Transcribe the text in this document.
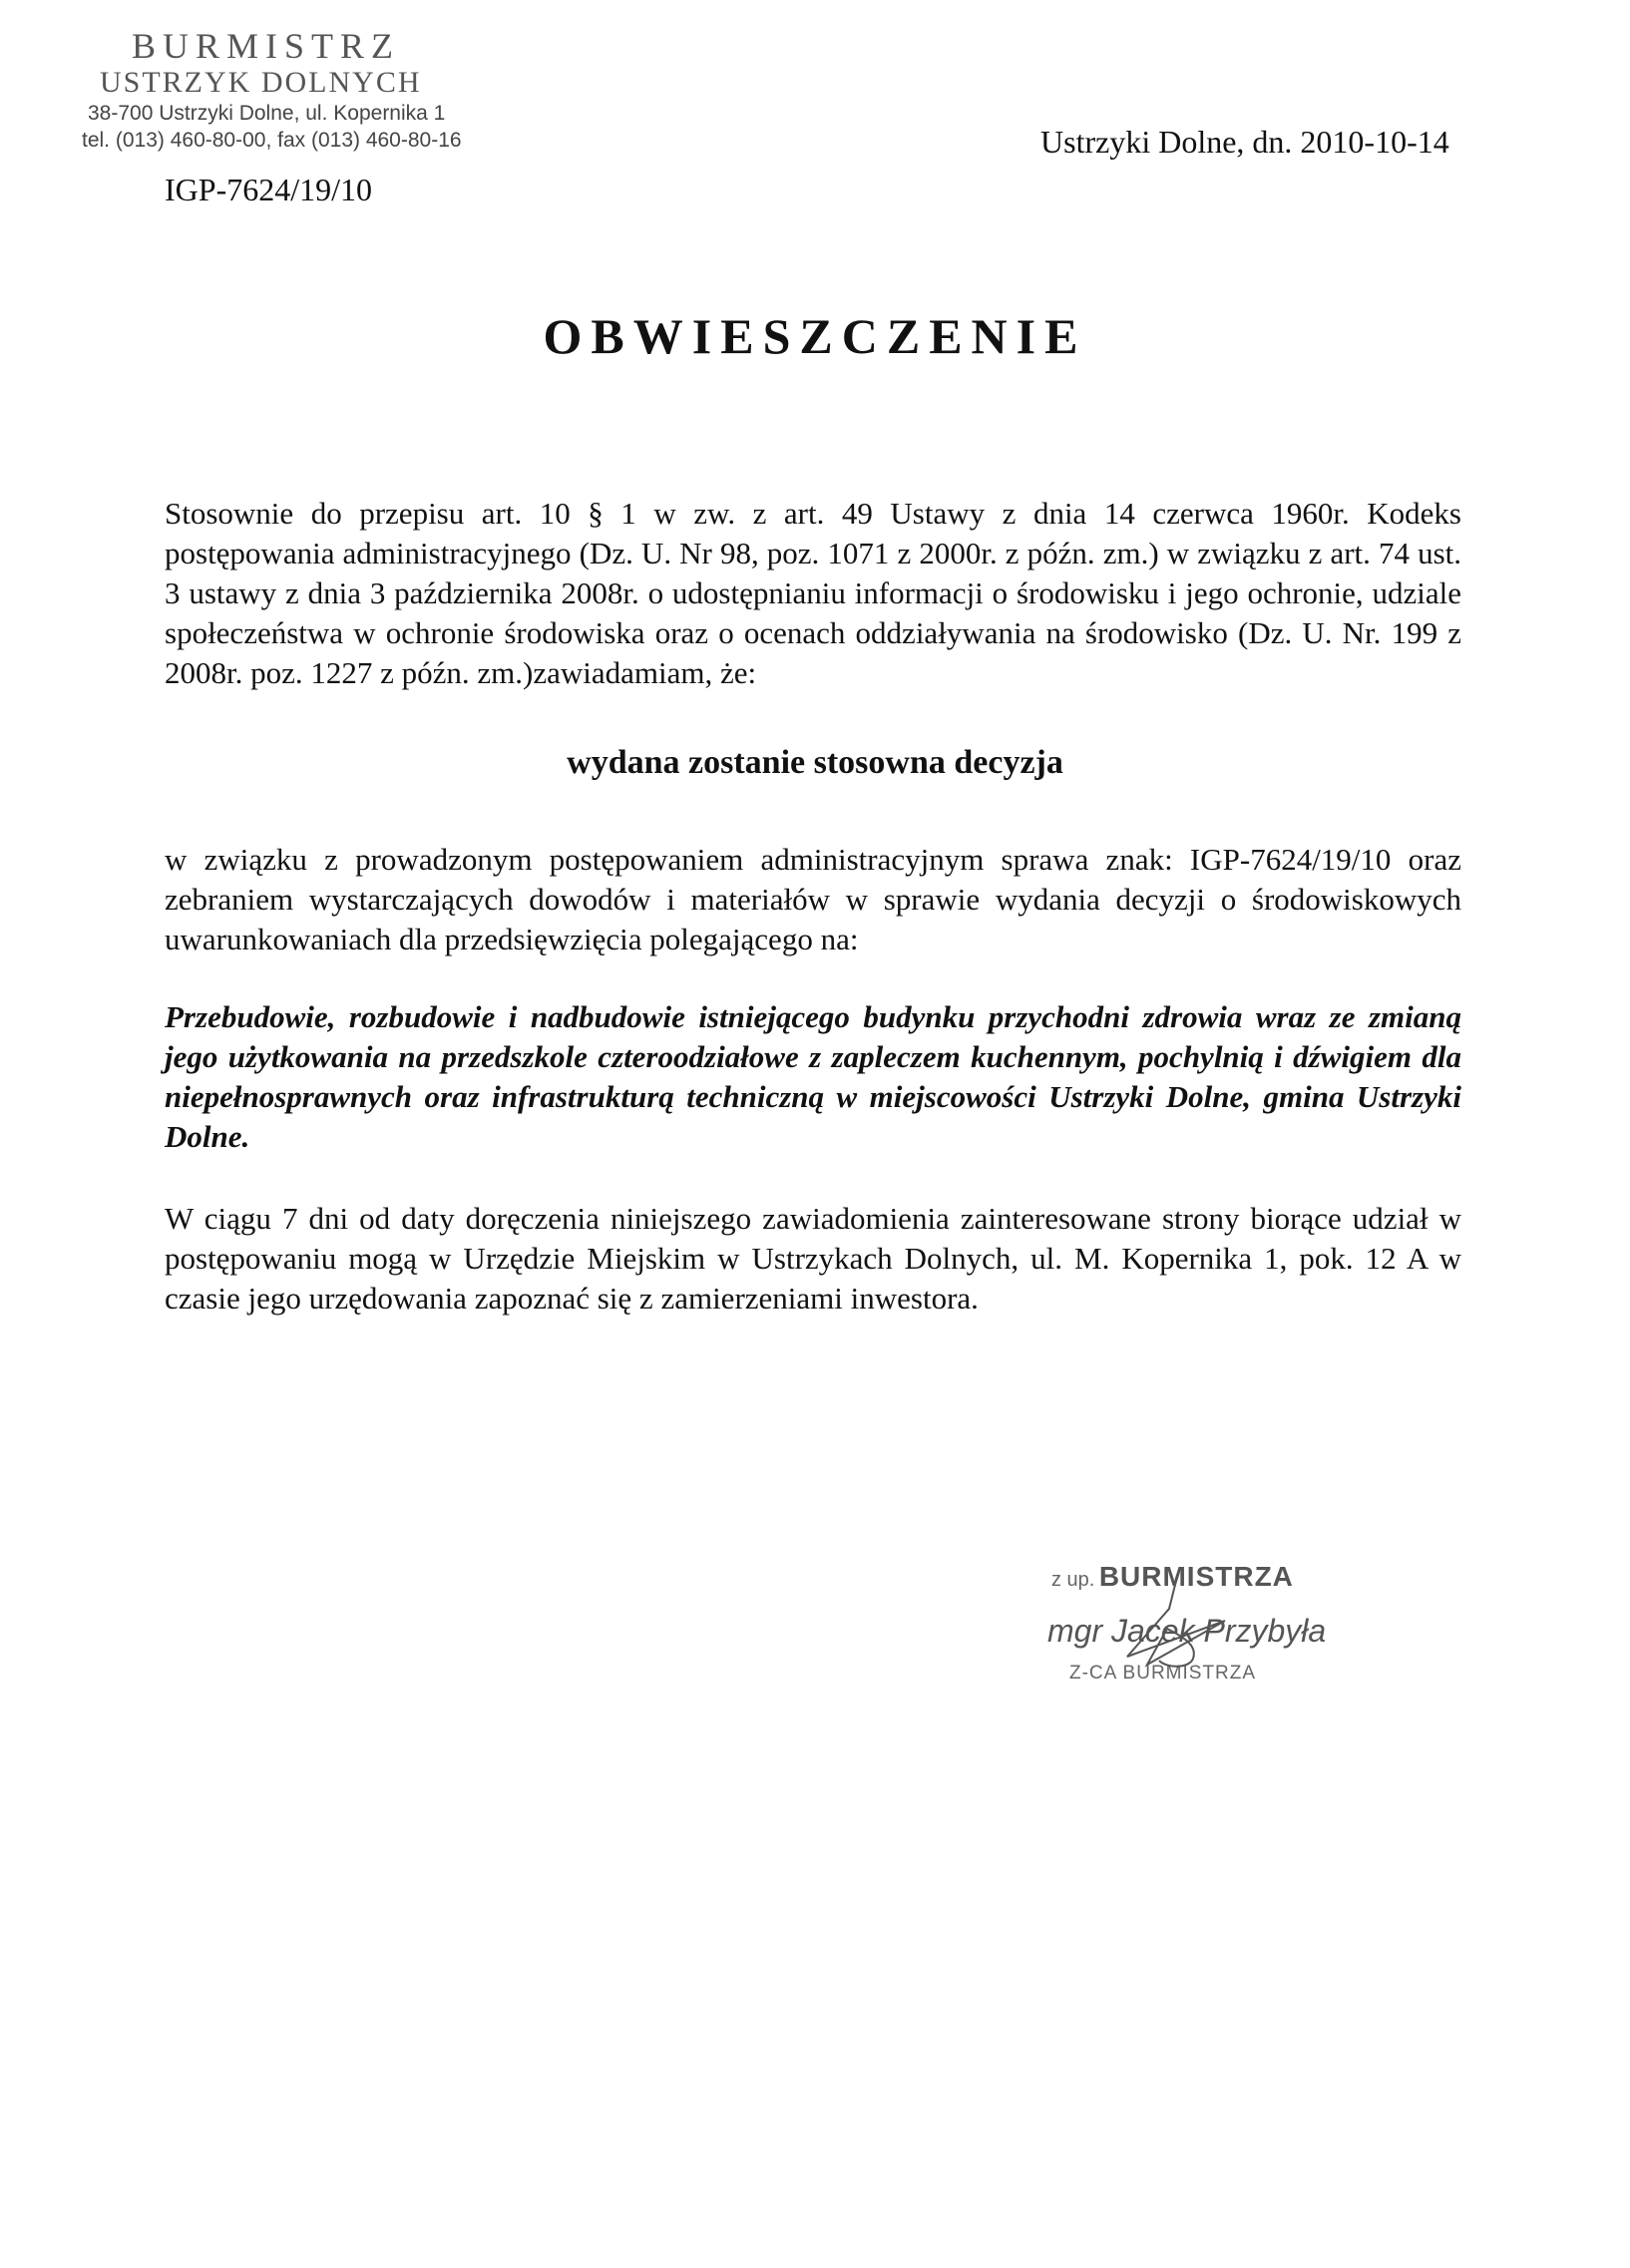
BURMISTRZ
USTRZYK DOLNYCH
38-700 Ustrzyki Dolne, ul. Kopernika 1
tel. (013) 460-80-00, fax (013) 460-80-16	Ustrzyki Dolne, dn. 2010-10-14
IGP-7624/19/10
OBWIESZCZENIE
Stosownie do przepisu art. 10 § 1 w zw. z art. 49 Ustawy z dnia 14 czerwca 1960r. Kodeks postępowania administracyjnego (Dz. U. Nr 98, poz. 1071 z 2000r. z późn. zm.) w związku z art. 74 ust. 3 ustawy z dnia 3 października 2008r. o udostępnianiu informacji o środowisku i jego ochronie, udziale społeczeństwa w ochronie środowiska oraz o ocenach oddziaływania na środowisko (Dz. U. Nr. 199 z 2008r. poz. 1227 z późn. zm.)zawiadamiam, że:
wydana zostanie stosowna decyzja
w związku z prowadzonym postępowaniem administracyjnym sprawa znak: IGP-7624/19/10 oraz zebraniem wystarczających dowodów i materiałów w sprawie wydania decyzji o środowiskowych uwarunkowaniach dla przedsięwzięcia polegającego na:
Przebudowie, rozbudowie i nadbudowie istniejącego budynku przychodni zdrowia wraz ze zmianą jego użytkowania na przedszkole czteroodziałowe z zapleczem kuchennym, pochylnią i dźwigiem dla niepełnosprawnych oraz infrastrukturą techniczną w miejscowości Ustrzyki Dolne, gmina Ustrzyki Dolne.
W ciągu 7 dni od daty doręczenia niniejszego zawiadomienia zainteresowane strony biorące udział w postępowaniu mogą w Urzędzie Miejskim w Ustrzykach Dolnych, ul. M. Kopernika 1, pok. 12 A w czasie jego urzędowania zapoznać się z zamierzeniami inwestora.
z up. BURMISTRZA
mgr Jacek Przybyła
Z-CA BURMISTRZA
